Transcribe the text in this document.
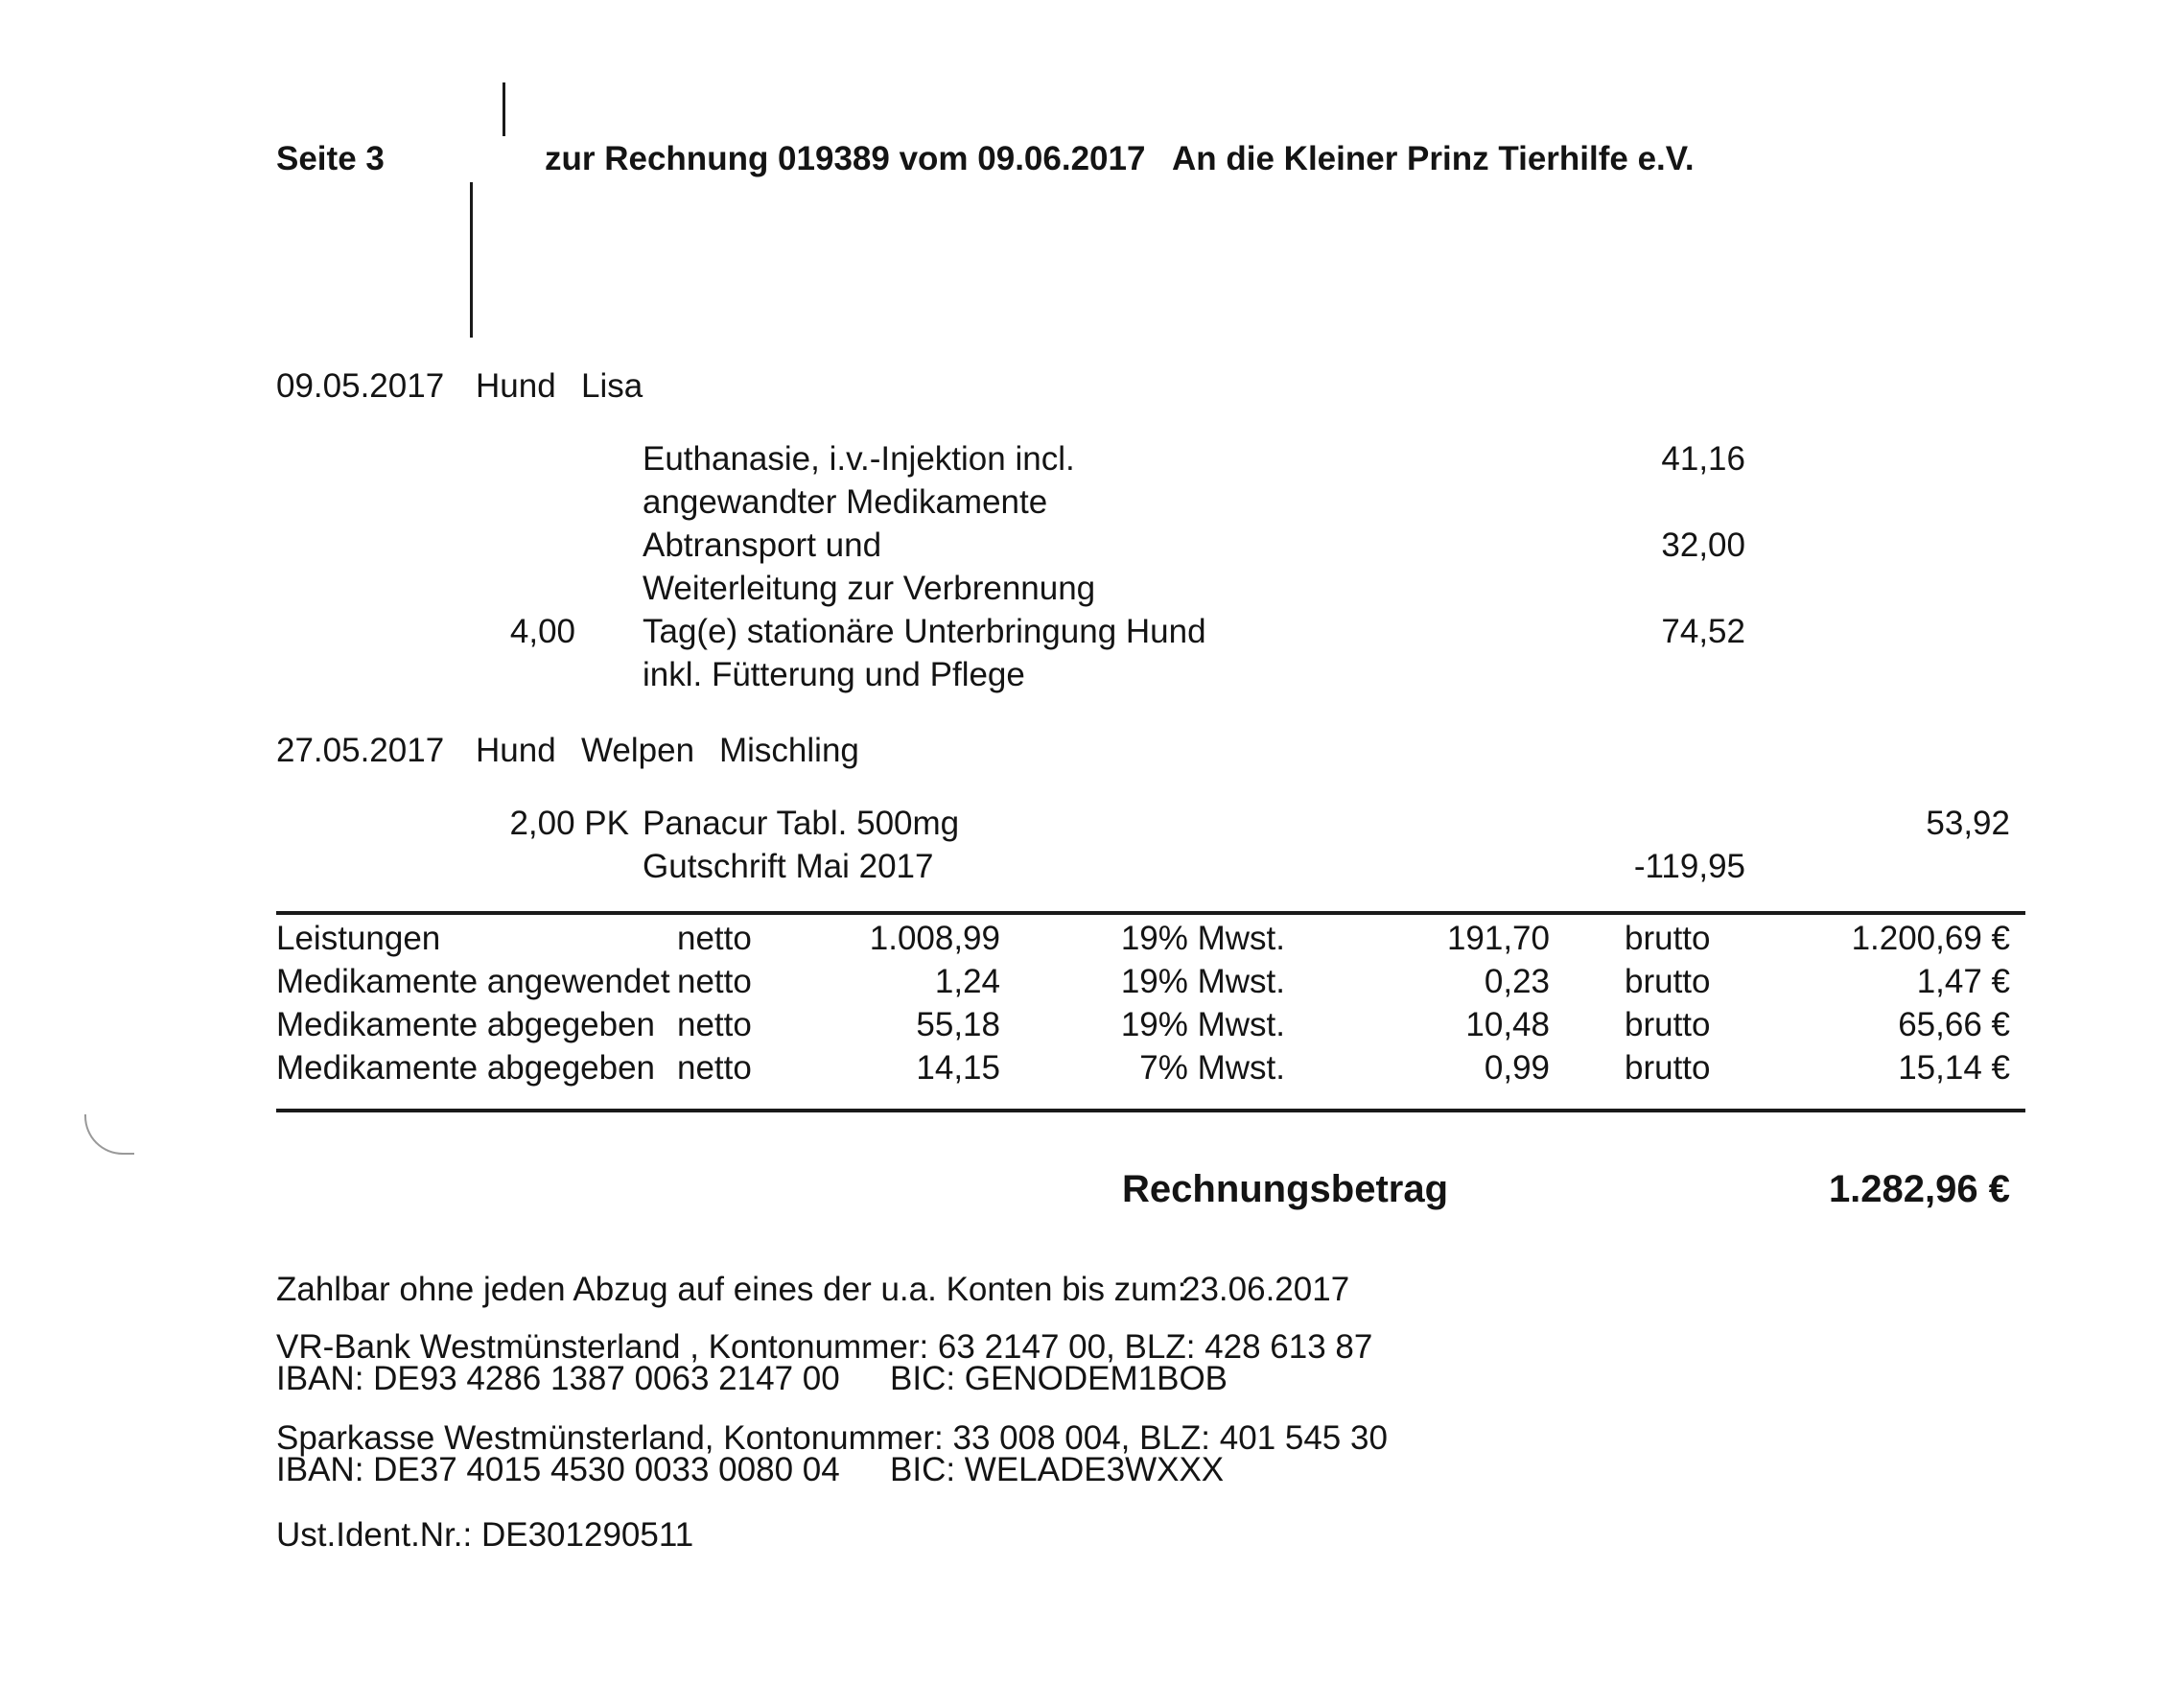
Seite 3	zur Rechnung 019389 vom 09.06.2017 An die Kleiner Prinz Tierhilfe e.V.
09.05.2017 Hund Lisa
Euthanasie, i.v.-Injektion incl.
angewandter Medikamente
41,16
Abtransport und
Weiterleitung zur Verbrennung
32,00
4,00 Tag(e) stationäre Unterbringung Hund
inkl. Fütterung und Pflege
74,52
27.05.2017 Hund Welpen Mischling
2,00 PK Panacur Tabl. 500mg	53,92
Gutschrift Mai 2017	-119,95
Leistungen	netto	1.008,99	19% Mwst.	191,70 brutto	1.200,69 €
Medikamente angewendet netto	1,24	19% Mwst.	0,23 brutto	1,47 €
Medikamente abgegeben netto	55,18	19% Mwst.	10,48 brutto	65,66 €
Medikamente abgegeben netto	14,15	7% Mwst.	0,99 brutto	15,14 €
Rechnungsbetrag	1.282,96 €
Zahlbar ohne jeden Abzug auf eines der u.a. Konten bis zum:
23.06.2017
VR-Bank Westmünsterland , Kontonummer: 63 2147 00, BLZ: 428 613 87
IBAN: DE93 4286 1387 0063 2147 00 BIC: GENODEM1BOB
Sparkasse Westmünsterland, Kontonummer: 33 008 004, BLZ: 401 545 30
IBAN: DE37 4015 4530 0033 0080 04 BIC: WELADE3WXXX
Ust.Ident.Nr.: DE301290511
